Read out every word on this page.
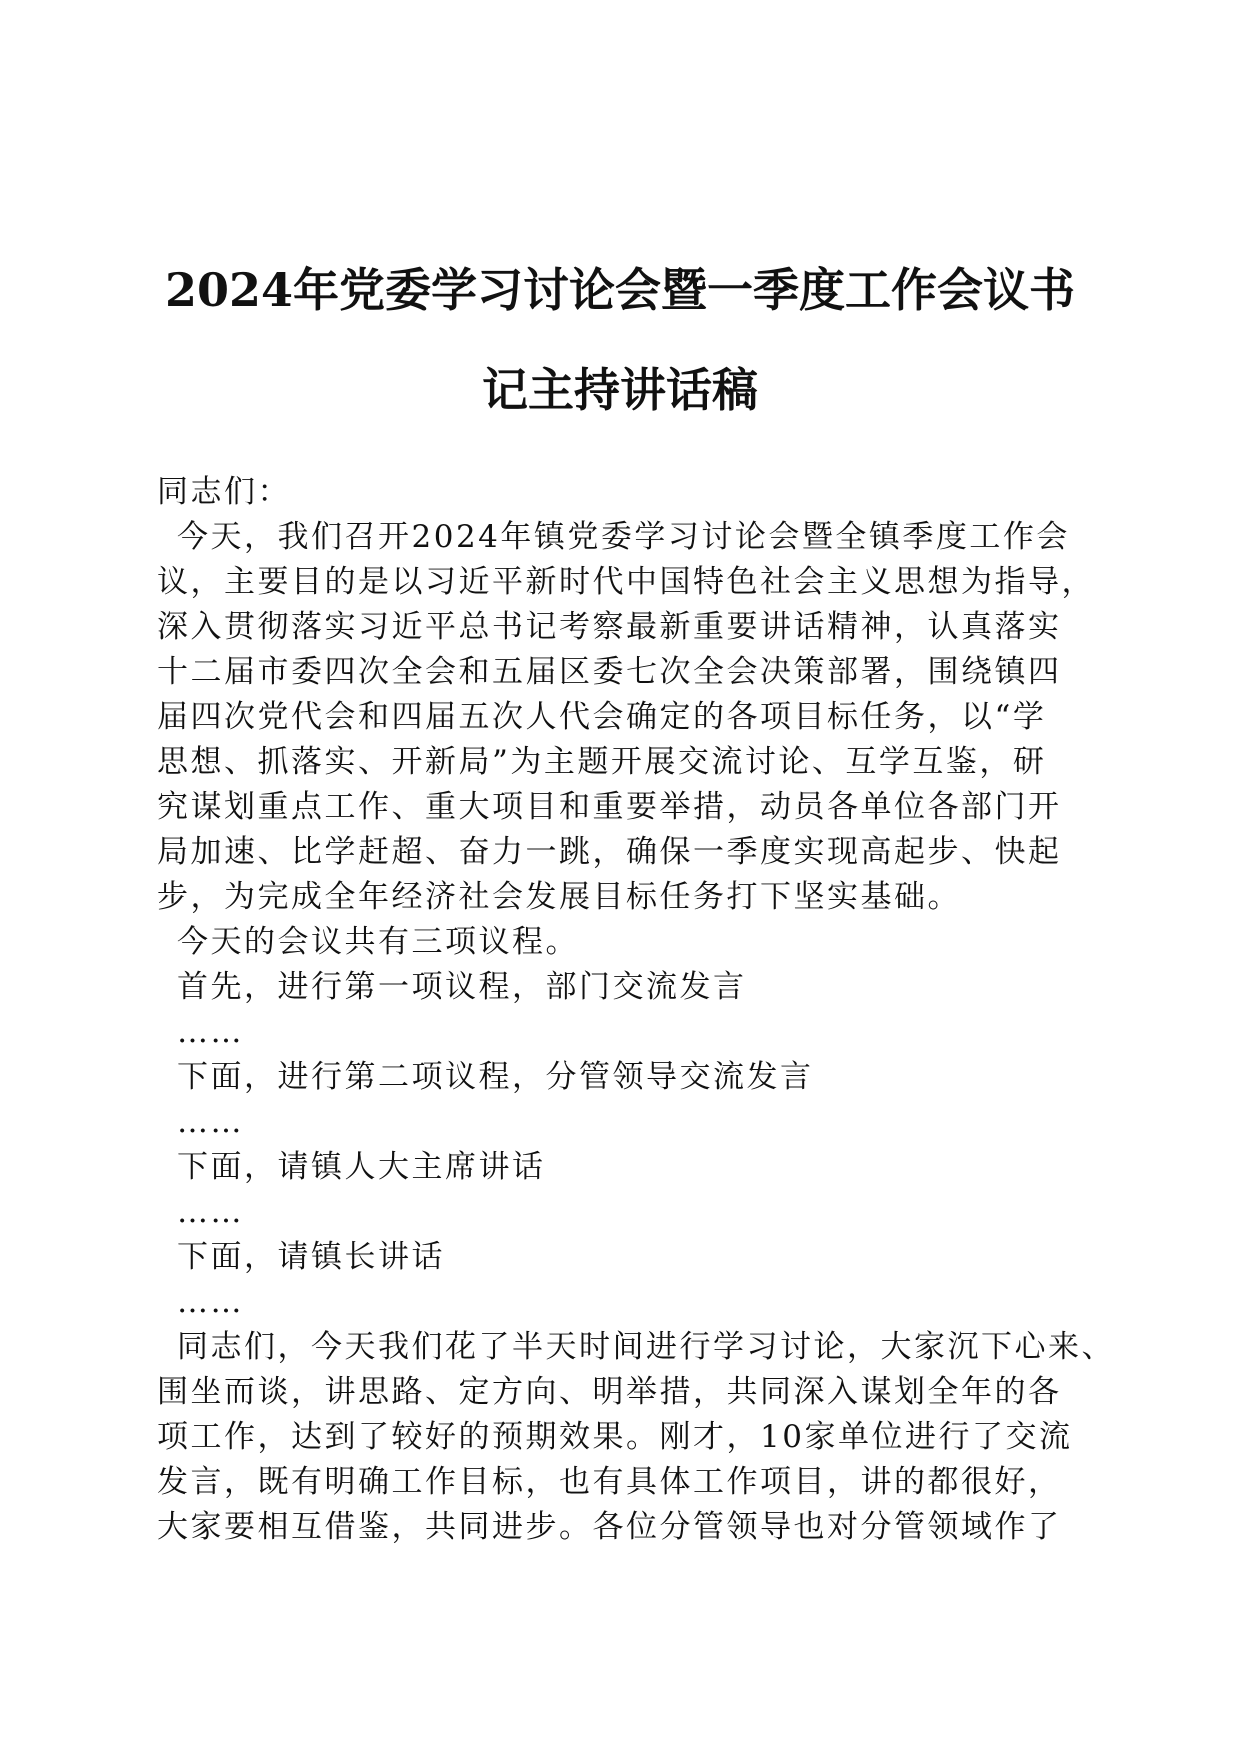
2024年党委学习讨论会暨一季度工作会议书
记主持讲话稿
同志们：
今天，我们召开2024年镇党委学习讨论会暨全镇季度工作会
议，主要目的是以习近平新时代中国特色社会主义思想为指导，
深入贯彻落实习近平总书记考察最新重要讲话精神，认真落实
十二届市委四次全会和五届区委七次全会决策部署，围绕镇四
届四次党代会和四届五次人代会确定的各项目标任务，以“学
思想、抓落实、开新局”为主题开展交流讨论、互学互鉴，研
究谋划重点工作、重大项目和重要举措，动员各单位各部门开
局加速、比学赶超、奋力一跳，确保一季度实现高起步、快起
步，为完成全年经济社会发展目标任务打下坚实基础。
今天的会议共有三项议程。
首先，进行第一项议程，部门交流发言
……
下面，进行第二项议程，分管领导交流发言
……
下面，请镇人大主席讲话
……
下面，请镇长讲话
……
同志们，今天我们花了半天时间进行学习讨论，大家沉下心来、
围坐而谈，讲思路、定方向、明举措，共同深入谋划全年的各
项工作，达到了较好的预期效果。刚才，10家单位进行了交流
发言，既有明确工作目标，也有具体工作项目，讲的都很好，
大家要相互借鉴，共同进步。各位分管领导也对分管领域作了
